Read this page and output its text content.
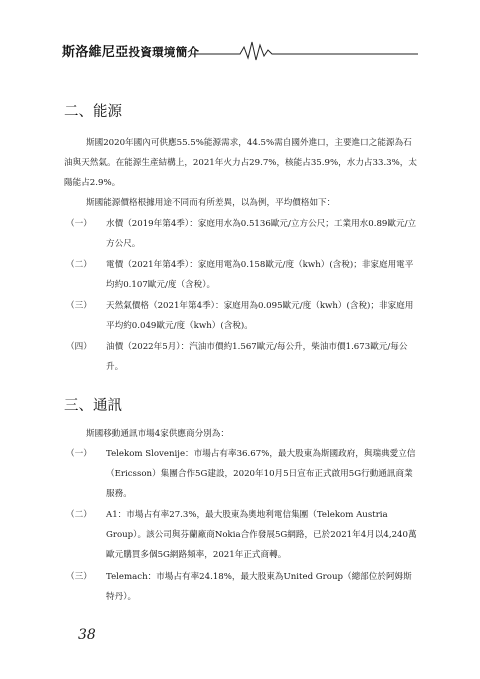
斯洛維尼亞投資環境簡介
二、能源

斯國2020年國內可供應55.5%能源需求，44.5%需自國外進口，主要進口之能源為石油與天然氣。在能源生產結構上，2021年火力占29.7%，核能占35.9%，水力占33.3%，太陽能占2.9%。

斯國能源價格根據用途不同而有所差異，以為例，平均價格如下：

（一） 水價（2019年第4季）：家庭用水為0.5136歐元/立方公尺；工業用水0.89歐元/立方公尺。

（二） 電價（2021年第4季）：家庭用電為0.158歐元/度（kwh）(含稅)；非家庭用電平均約0.107歐元/度（含稅）。

（三） 天然氣價格（2021年第4季）：家庭用為0.095歐元/度（kwh）(含稅)；非家庭用平均約0.049歐元/度（kwh）(含稅)。

（四） 油價（2022年5月）：汽油市價約1.567歐元/每公升，柴油市價1.673歐元/每公升。

三、通訊

斯國移動通訊市場4家供應商分別為：

（一） Telekom Slovenije：市場占有率36.67%，最大股東為斯國政府，與瑞典愛立信（Ericsson）集團合作5G建設，2020年10月5日宣布正式啟用5G行動通訊商業服務。

（二） A1：市場占有率27.3%，最大股東為奧地利電信集團（Telekom Austria Group）。該公司與芬蘭廠商Nokia合作發展5G網路，已於2021年4月以4,240萬歐元購買多個5G網路頻率，2021年正式商轉。

（三） Telemach：市場占有率24.18%，最大股東為United Group（總部位於阿姆斯特丹）。

38
